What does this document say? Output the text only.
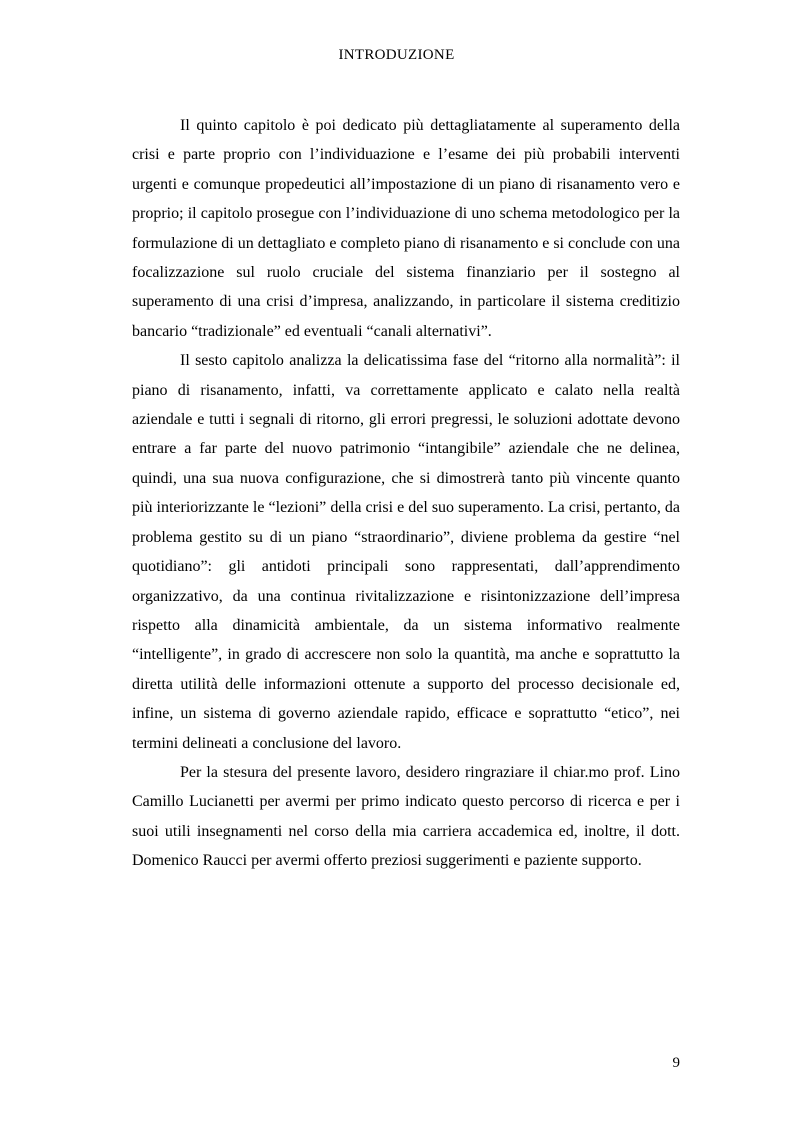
INTRODUZIONE

Il quinto capitolo è poi dedicato più dettagliatamente al superamento della crisi e parte proprio con l’individuazione e l’esame dei più probabili interventi urgenti e comunque propedeutici all’impostazione di un piano di risanamento vero e proprio; il capitolo prosegue con l’individuazione di uno schema metodologico per la formulazione di un dettagliato e completo piano di risanamento e si conclude con una focalizzazione sul ruolo cruciale del sistema finanziario per il sostegno al superamento di una crisi d’impresa, analizzando, in particolare il sistema creditizio bancario “tradizionale” ed eventuali “canali alternativi”.

Il sesto capitolo analizza la delicatissima fase del “ritorno alla normalità”: il piano di risanamento, infatti, va correttamente applicato e calato nella realtà aziendale e tutti i segnali di ritorno, gli errori pregressi, le soluzioni adottate devono entrare a far parte del nuovo patrimonio “intangibile” aziendale che ne delinea, quindi, una sua nuova configurazione, che si dimostrerà tanto più vincente quanto più interiorizzante le “lezioni” della crisi e del suo superamento. La crisi, pertanto, da problema gestito su di un piano “straordinario”, diviene problema da gestire “nel quotidiano”: gli antidoti principali sono rappresentati, dall’apprendimento organizzativo, da una continua rivitalizzazione e risintonizzazione dell’impresa rispetto alla dinamicità ambientale, da un sistema informativo realmente “intelligente”, in grado di accrescere non solo la quantità, ma anche e soprattutto la diretta utilità delle informazioni ottenute a supporto del processo decisionale ed, infine, un sistema di governo aziendale rapido, efficace e soprattutto “etico”, nei termini delineati a conclusione del lavoro.

Per la stesura del presente lavoro, desidero ringraziare il chiar.mo prof. Lino Camillo Lucianetti per avermi per primo indicato questo percorso di ricerca e per i suoi utili insegnamenti nel corso della mia carriera accademica ed, inoltre, il dott. Domenico Raucci per avermi offerto preziosi suggerimenti e paziente supporto.

9
